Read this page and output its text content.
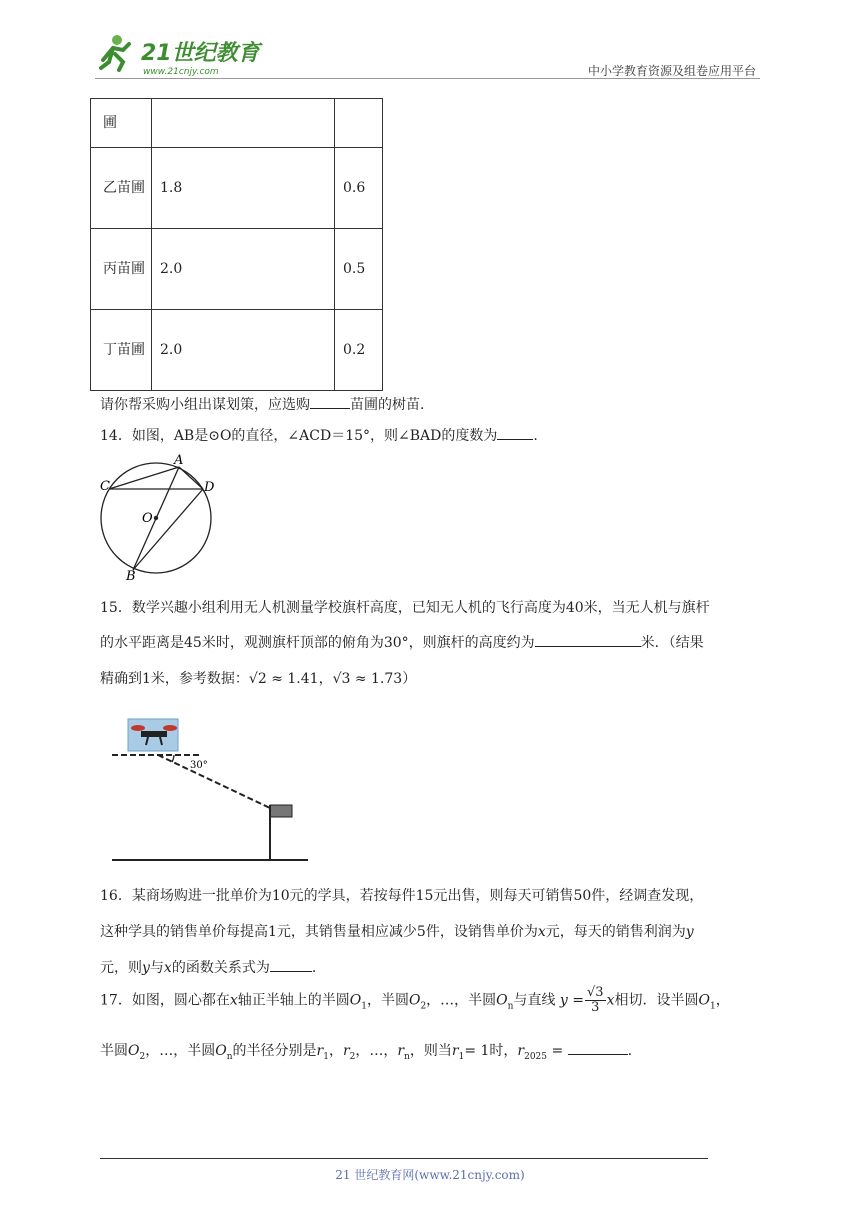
21世纪教育
www.21cnjy.com	中小学教育资源及组卷应用平台
圃		
乙苗圃	1.8	0.6
丙苗圃	2.0	0.5
丁苗圃	2.0	0.2
请你帮采购小组出谋划策，应选购	苗圃的树苗.
14．如图，AB是⊙O的直径，∠ACD＝15°，则∠BAD的度数为	.
A
C	D
O
B
15．数学兴趣小组利用无人机测量学校旗杆高度，已知无人机的飞行高度为40米，当无人机与旗杆
的水平距离是45米时，观测旗杆顶部的俯角为30°，则旗杆的高度约为	米．（结果
精确到1米，参考数据：√2 ≈ 1.41，√3 ≈ 1.73）
30°
16．某商场购进一批单价为10元的学具，若按每件15元出售，则每天可销售50件，经调查发现，
这种学具的销售单价每提高1元，其销售量相应减少5件，设销售单价为x元，每天的销售利润为y
元，则y与x的函数关系式为	.
17．如图，圆心都在x轴正半轴上的半圆$O_1$，半圆$O_2$，…，半圆$O_n$与直线 $y = \frac{√3}{3}$ x相切．设半圆$O_1$，
半圆$O_2$，…，半圆$O_n$的半径分别是$r_1$，$r_2$，…，$r_n$，则当$r_1= 1$时，$r_{2025}$ =	.
21 世纪教育网(www.21cnjy.com)
